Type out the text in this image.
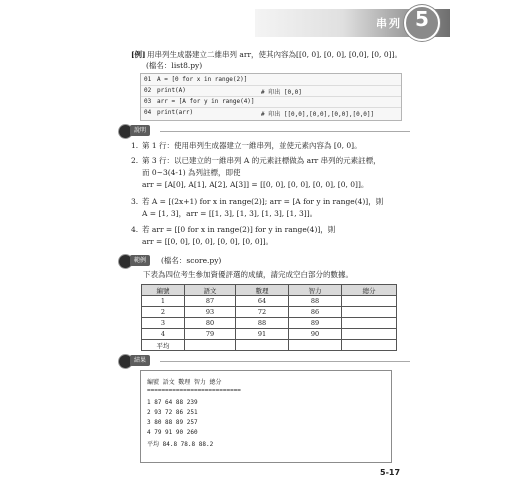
串列 5
[例] 用串列生成器建立二維串列 arr，使其內容為[[0, 0], [0, 0], [0,0], [0, 0]]。
(檔名：list8.py)
01 A = [0 for x in range(2)]
02 print(A)	# 印出 [0,0]
03 arr = [A for y in range(4)]
04 print(arr)	# 印出 [[0,0],[0,0],[0,0],[0,0]]
說明
1. 第 1 行：使用串列生成器建立一維串列，並使元素內容為 [0, 0]。
2. 第 3 行：以已建立的一維串列 A 的元素註標做為 arr 串列的元素註標，
而 0~3(4-1) 為列註標，即使
arr = [A[0], A[1], A[2], A[3]] = [[0, 0], [0, 0], [0, 0], [0, 0]]。
3. 若 A = [(2x+1) for x in range(2)]; arr = [A for y in range(4)]，則
A = [1, 3]，arr = [[1, 3], [1, 3], [1, 3], [1, 3]]。
4. 若 arr = [[0 for x in range(2)] for y in range(4)]，則
arr = [[0, 0], [0, 0], [0, 0], [0, 0]]。
範例	(檔名：score.py)
下表為四位考生參加資優評選的成績，請完成空白部分的數據。
編號	語文	數理	智力	總分
1	87	64	88	
2	93	72	86	
3	80	88	89	
4	79	91	90	
平均				
結果
編號 語文 數理 智力 總分
==========================
1 87 64 88 239
2 93 72 86 251
3 80 88 89 257
4 79 91 90 260
平均 84.8 78.8 88.2
5-17
